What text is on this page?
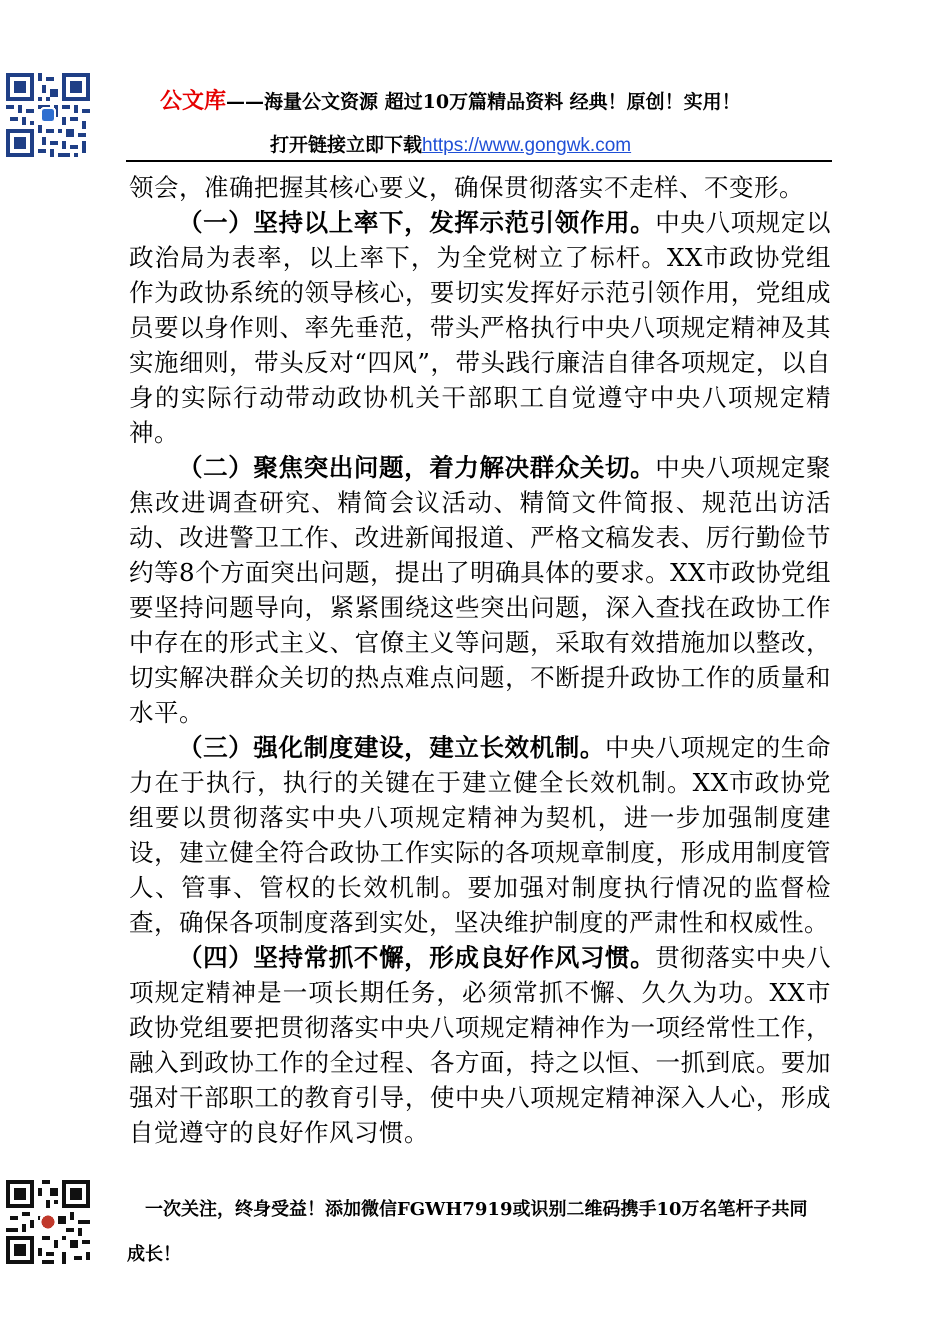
公文库——海量公文资源 超过10万篇精品资料 经典！原创！实用！
打开链接立即下载https://www.gongwk.com

领会，准确把握其核心要义，确保贯彻落实不走样、不变形。

（一）坚持以上率下，发挥示范引领作用。中央八项规定以政治局为表率，以上率下，为全党树立了标杆。XX市政协党组作为政协系统的领导核心，要切实发挥好示范引领作用，党组成员要以身作则、率先垂范，带头严格执行中央八项规定精神及其实施细则，带头反对“四风”，带头践行廉洁自律各项规定，以自身的实际行动带动政协机关干部职工自觉遵守中央八项规定精神。

（二）聚焦突出问题，着力解决群众关切。中央八项规定聚焦改进调查研究、精简会议活动、精简文件简报、规范出访活动、改进警卫工作、改进新闻报道、严格文稿发表、厉行勤俭节约等8个方面突出问题，提出了明确具体的要求。XX市政协党组要坚持问题导向，紧紧围绕这些突出问题，深入查找在政协工作中存在的形式主义、官僚主义等问题，采取有效措施加以整改，切实解决群众关切的热点难点问题，不断提升政协工作的质量和水平。

（三）强化制度建设，建立长效机制。中央八项规定的生命力在于执行，执行的关键在于建立健全长效机制。XX市政协党组要以贯彻落实中央八项规定精神为契机，进一步加强制度建设，建立健全符合政协工作实际的各项规章制度，形成用制度管人、管事、管权的长效机制。要加强对制度执行情况的监督检查，确保各项制度落到实处，坚决维护制度的严肃性和权威性。

（四）坚持常抓不懈，形成良好作风习惯。贯彻落实中央八项规定精神是一项长期任务，必须常抓不懈、久久为功。XX市政协党组要把贯彻落实中央八项规定精神作为一项经常性工作，融入到政协工作的全过程、各方面，持之以恒、一抓到底。要加强对干部职工的教育引导，使中央八项规定精神深入人心，形成自觉遵守的良好作风习惯。

一次关注，终身受益！添加微信FGWH7919或识别二维码携手10万名笔杆子共同
成长！
